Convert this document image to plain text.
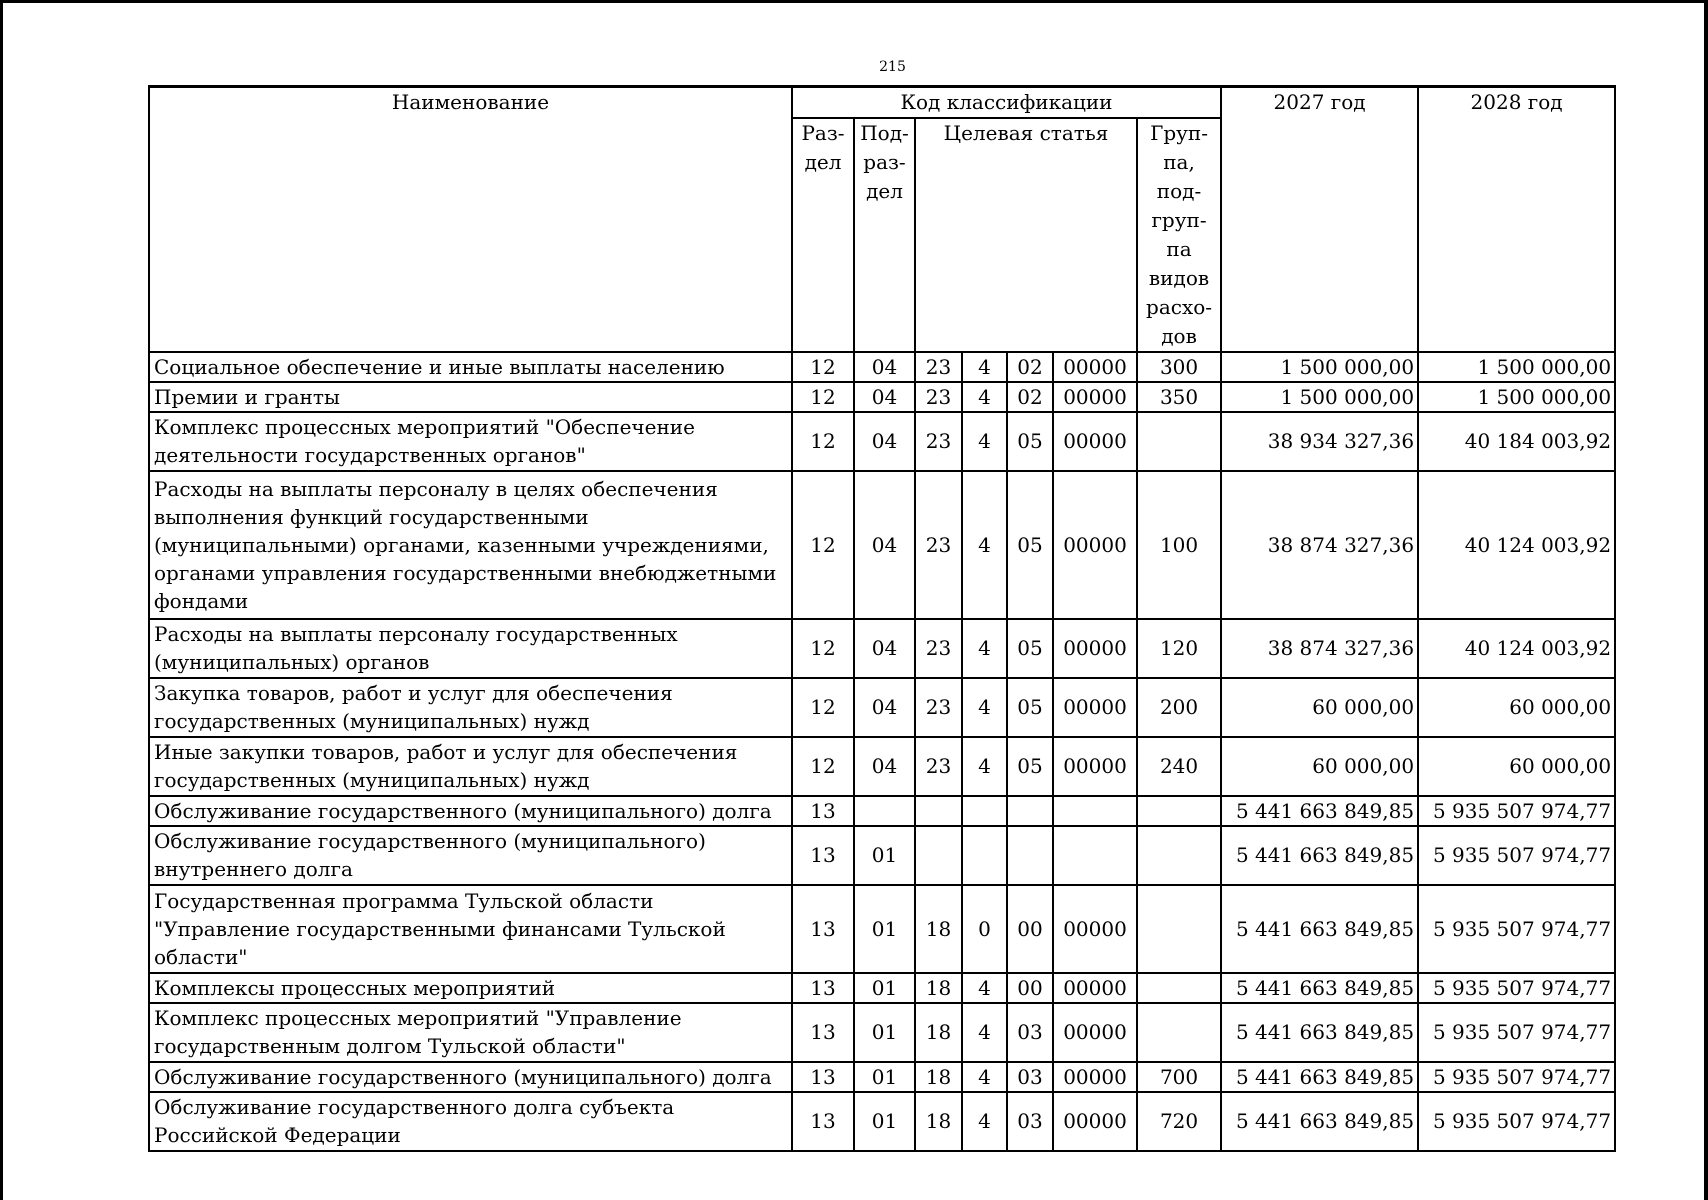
215
Наименование	Код классификации							2027 год	2028 год
	Раз-дел	Под-раз-дел	Целевая статья				Груп-па, под-груп-па видов расхо-дов		
Социальное обеспечение и иные выплаты населению	12	04	23	4	02	00000	300	1 500 000,00	1 500 000,00
Премии и гранты	12	04	23	4	02	00000	350	1 500 000,00	1 500 000,00
Комплекс процессных мероприятий "Обеспечение деятельности государственных органов"	12	04	23	4	05	00000		38 934 327,36	40 184 003,92
Расходы на выплаты персоналу в целях обеспечения выполнения функций государственными (муниципальными) органами, казенными учреждениями, органами управления государственными внебюджетными фондами	12	04	23	4	05	00000	100	38 874 327,36	40 124 003,92
Расходы на выплаты персоналу государственных (муниципальных) органов	12	04	23	4	05	00000	120	38 874 327,36	40 124 003,92
Закупка товаров, работ и услуг для обеспечения государственных (муниципальных) нужд	12	04	23	4	05	00000	200	60 000,00	60 000,00
Иные закупки товаров, работ и услуг для обеспечения государственных (муниципальных) нужд	12	04	23	4	05	00000	240	60 000,00	60 000,00
Обслуживание государственного (муниципального) долга	13							5 441 663 849,85	5 935 507 974,77
Обслуживание государственного (муниципального) внутреннего долга	13	01						5 441 663 849,85	5 935 507 974,77
Государственная программа Тульской области "Управление государственными финансами Тульской области"	13	01	18	0	00	00000		5 441 663 849,85	5 935 507 974,77
Комплексы процессных мероприятий	13	01	18	4	00	00000		5 441 663 849,85	5 935 507 974,77
Комплекс процессных мероприятий "Управление государственным долгом Тульской области"	13	01	18	4	03	00000		5 441 663 849,85	5 935 507 974,77
Обслуживание государственного (муниципального) долга	13	01	18	4	03	00000	700	5 441 663 849,85	5 935 507 974,77
Обслуживание государственного долга субъекта Российской Федерации	13	01	18	4	03	00000	720	5 441 663 849,85	5 935 507 974,77
